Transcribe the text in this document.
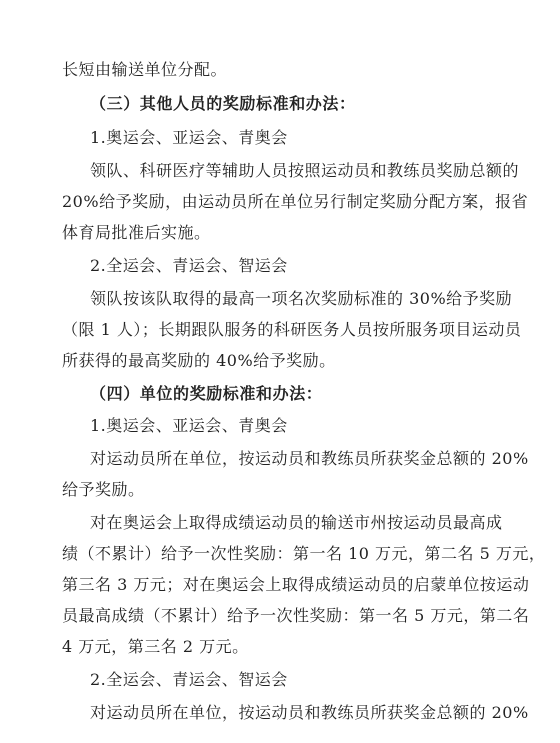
长短由输送单位分配。
（三）其他人员的奖励标准和办法：
1.奥运会、亚运会、青奥会
领队、科研医疗等辅助人员按照运动员和教练员奖励总额的
20%给予奖励，由运动员所在单位另行制定奖励分配方案，报省
体育局批准后实施。
2.全运会、青运会、智运会
领队按该队取得的最高一项名次奖励标准的 30%给予奖励
（限 1 人）；长期跟队服务的科研医务人员按所服务项目运动员
所获得的最高奖励的 40%给予奖励。
（四）单位的奖励标准和办法：
1.奥运会、亚运会、青奥会
对运动员所在单位，按运动员和教练员所获奖金总额的 20%
给予奖励。
对在奥运会上取得成绩运动员的输送市州按运动员最高成
绩（不累计）给予一次性奖励：第一名 10 万元，第二名 5 万元，
第三名 3 万元；对在奥运会上取得成绩运动员的启蒙单位按运动
员最高成绩（不累计）给予一次性奖励：第一名 5 万元，第二名
4 万元，第三名 2 万元。
2.全运会、青运会、智运会
对运动员所在单位，按运动员和教练员所获奖金总额的 20%
